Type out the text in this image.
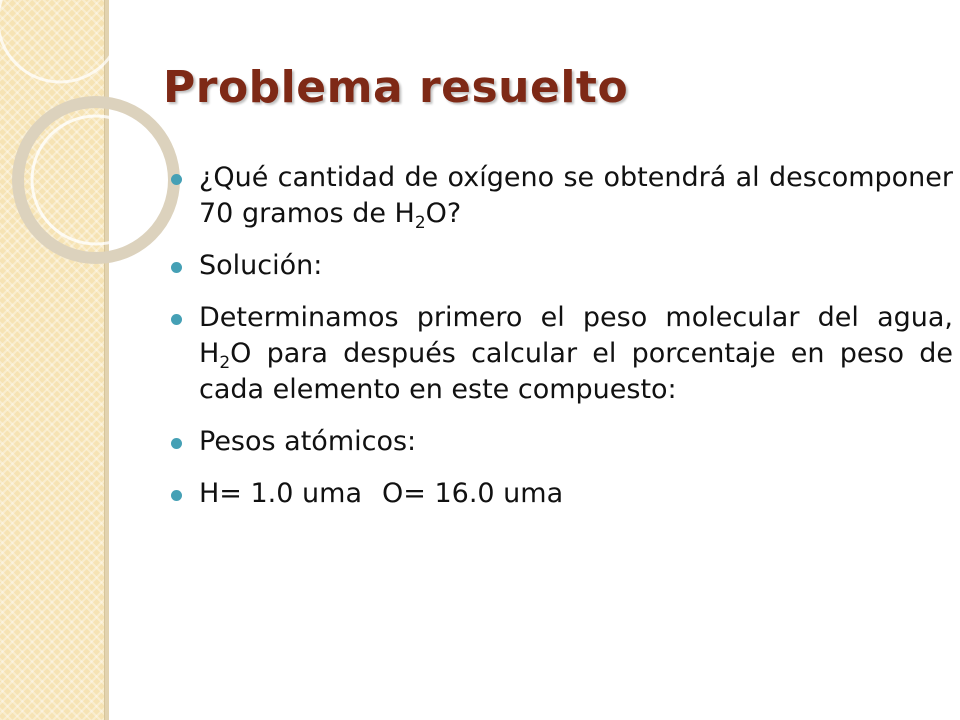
Problema resuelto
¿Qué cantidad de oxígeno se obtendrá al descomponer 70 gramos de $H_2O$?
Solución:
Determinamos primero el peso molecular del agua, $H_2O$ para después calcular el porcentaje en peso de cada elemento en este compuesto:
Pesos atómicos:
H= 1.0 uma O= 16.0 uma
